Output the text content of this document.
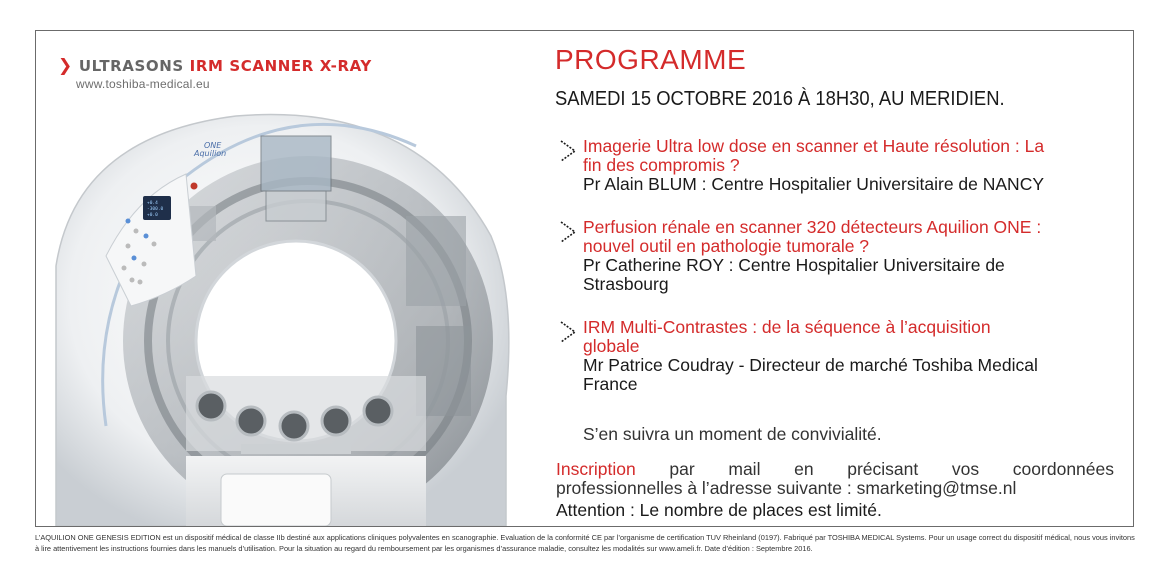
❯ ULTRASONS IRM SCANNER X-RAY
www.toshiba-medical.eu
+0.4
-300.0
+0.0
ONE
Aquilion
PROGRAMME
SAMEDI 15 OCTOBRE 2016 À 18H30, AU MERIDIEN.
Imagerie Ultra low dose en scanner et Haute résolution : La
fin des compromis ?
Pr Alain BLUM : Centre Hospitalier Universitaire de NANCY
Perfusion rénale en scanner 320 détecteurs Aquilion ONE :
nouvel outil en pathologie tumorale ?
Pr Catherine ROY : Centre Hospitalier Universitaire de
Strasbourg
IRM Multi-Contrastes : de la séquence à l’acquisition
globale
Mr Patrice Coudray - Directeur de marché Toshiba Medical
France
S’en suivra un moment de convivialité.
Inscription par mail en précisant vos coordonnées
professionnelles à l’adresse suivante : smarketing@tmse.nl
Attention : Le nombre de places est limité.
L’AQUILION ONE GENESIS EDITION est un dispositif médical de classe IIb destiné aux applications cliniques polyvalentes en scanographie. Evaluation de la conformité CE par l’organisme de certification TUV Rheinland (0197). Fabriqué par TOSHIBA MEDICAL Systems. Pour un usage correct du dispositif médical, nous vous invitons
à lire attentivement les instructions fournies dans les manuels d’utilisation. Pour la situation au regard du remboursement par les organismes d’assurance maladie, consultez les modalités sur www.ameli.fr. Date d’édition : Septembre 2016.
